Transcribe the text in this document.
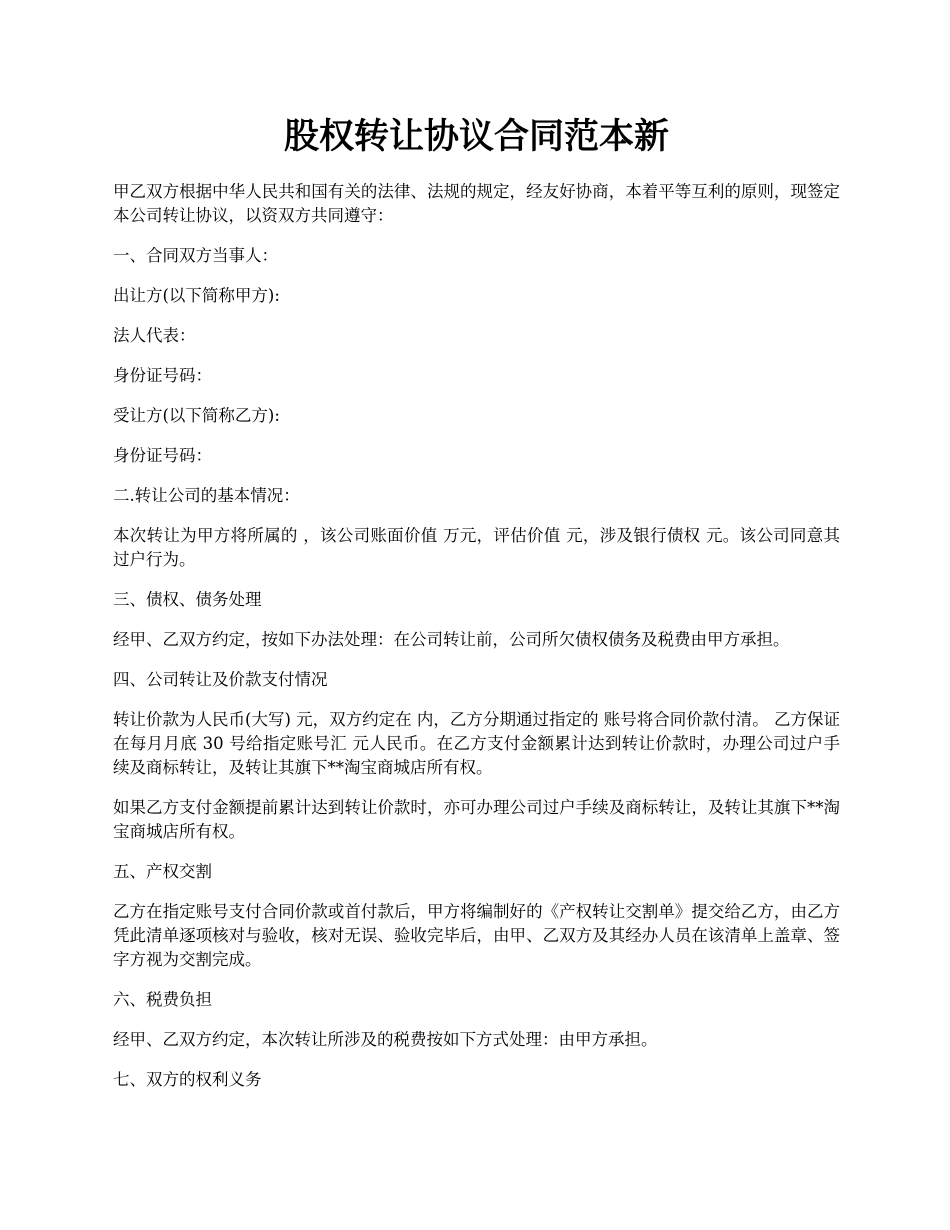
股权转让协议合同范本新

甲乙双方根据中华人民共和国有关的法律、法规的规定，经友好协商，本着平等互利的原则，现签定本公司转让协议，以资双方共同遵守：

一、合同双方当事人：

出让方(以下简称甲方):

法人代表：

身份证号码：

受让方(以下简称乙方):

身份证号码：

二.转让公司的基本情况：

本次转让为甲方将所属的 ，该公司账面价值 万元，评估价值 元，涉及银行债权 元。该公司同意其过户行为。

三、债权、债务处理

经甲、乙双方约定，按如下办法处理：在公司转让前，公司所欠债权债务及税费由甲方承担。

四、公司转让及价款支付情况

转让价款为人民币(大写) 元，双方约定在 内，乙方分期通过指定的 账号将合同价款付清。 乙方保证在每月月底 30 号给指定账号汇 元人民币。在乙方支付金额累计达到转让价款时，办理公司过户手续及商标转让，及转让其旗下**淘宝商城店所有权。

如果乙方支付金额提前累计达到转让价款时，亦可办理公司过户手续及商标转让，及转让其旗下**淘宝商城店所有权。

五、产权交割

乙方在指定账号支付合同价款或首付款后，甲方将编制好的《产权转让交割单》提交给乙方，由乙方凭此清单逐项核对与验收，核对无误、验收完毕后，由甲、乙双方及其经办人员在该清单上盖章、签字方视为交割完成。

六、税费负担

经甲、乙双方约定，本次转让所涉及的税费按如下方式处理：由甲方承担。

七、双方的权利义务
